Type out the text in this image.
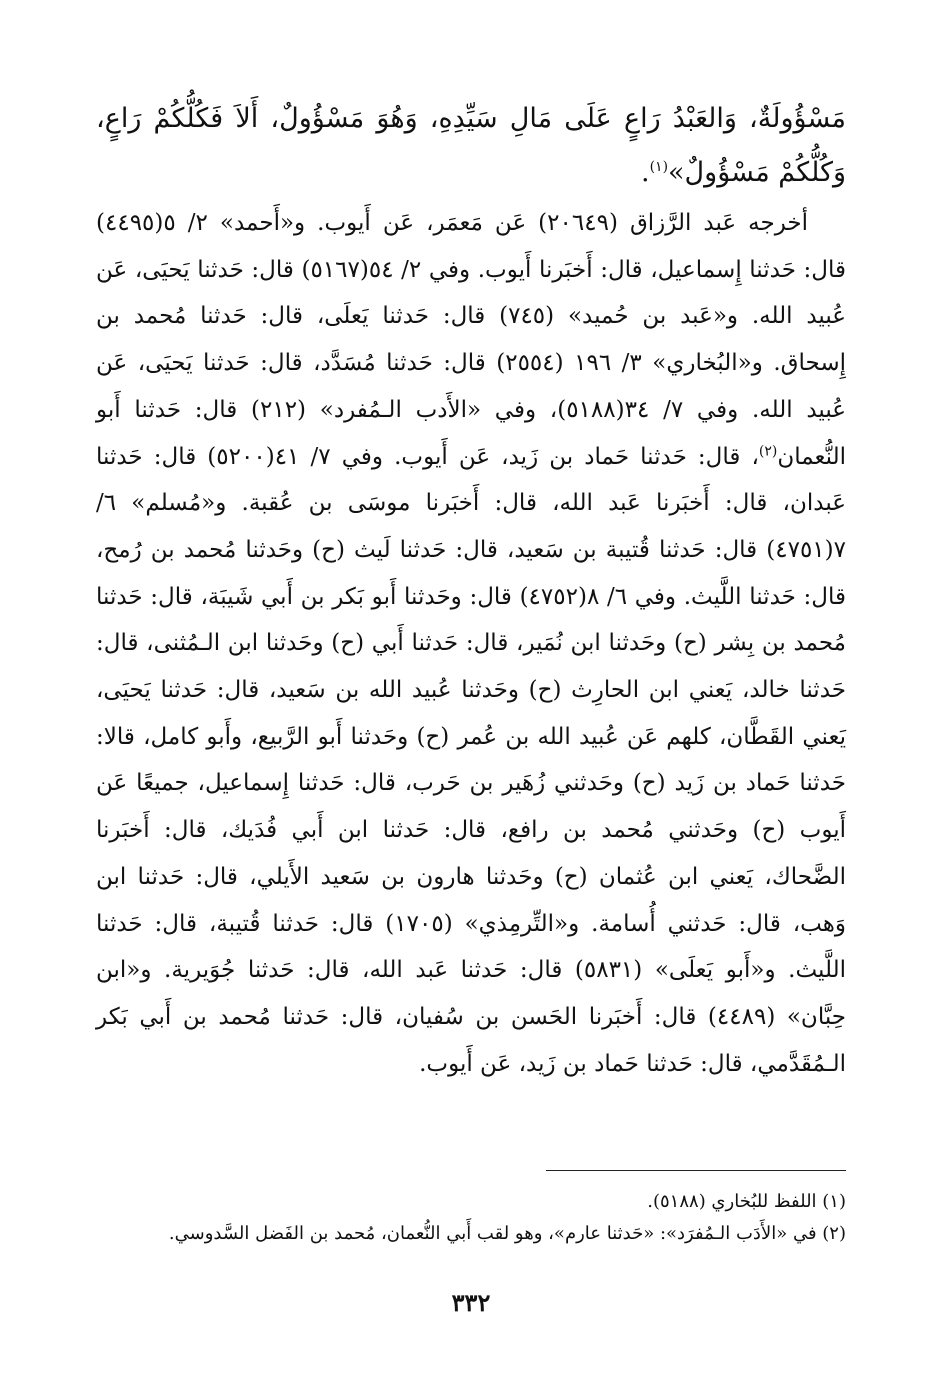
مَسْؤُولَةٌ، وَالعَبْدُ رَاعٍ عَلَى مَالِ سَيِّدِهِ، وَهُوَ مَسْؤُولٌ، أَلاَ فَكُلُّكُمْ رَاعٍ، وَكُلُّكُمْ مَسْؤُولٌ»$^{(١)}$.
أخرجه عَبد الرَّزاق (٢٠٦٤٩) عَن مَعمَر، عَن أَيوب. و«أَحمد» ٢/ ٥(٤٤٩٥) قال: حَدثنا إِسماعيل، قال: أَخبَرنا أَيوب. وفي ٢/ ٥٤(٥١٦٧) قال: حَدثنا يَحيَى، عَن عُبيد الله. و«عَبد بن حُميد» (٧٤٥) قال: حَدثنا يَعلَى، قال: حَدثنا مُحمد بن إِسحاق. و«البُخاري» ٣/ ١٩٦ (٢٥٥٤) قال: حَدثنا مُسَدَّد، قال: حَدثنا يَحيَى، عَن عُبيد الله. وفي ٧/ ٣٤(٥١٨٨)، وفي «الأَدب الـمُفرد» (٢١٢) قال: حَدثنا أَبو النُّعمان$^{(٢)}$، قال: حَدثنا حَماد بن زَيد، عَن أَيوب. وفي ٧/ ٤١(٥٢٠٠) قال: حَدثنا عَبدان، قال: أَخبَرنا عَبد الله، قال: أَخبَرنا موسَى بن عُقبة. و«مُسلم» ٦/ ٧(٤٧٥١) قال: حَدثنا قُتيبة بن سَعيد، قال: حَدثنا لَيث (ح) وحَدثنا مُحمد بن رُمح، قال: حَدثنا اللَّيث. وفي ٦/ ٨(٤٧٥٢) قال: وحَدثنا أَبو بَكر بن أَبي شَيبَة، قال: حَدثنا مُحمد بن بِشر (ح) وحَدثنا ابن نُمَير، قال: حَدثنا أَبي (ح) وحَدثنا ابن الـمُثنى، قال: حَدثنا خالد، يَعني ابن الحارِث (ح) وحَدثنا عُبيد الله بن سَعيد، قال: حَدثنا يَحيَى، يَعني القَطَّان، كلهم عَن عُبيد الله بن عُمر (ح) وحَدثنا أَبو الرَّبيع، وأَبو كامل، قالا: حَدثنا حَماد بن زَيد (ح) وحَدثني زُهَير بن حَرب، قال: حَدثنا إِسماعيل، جميعًا عَن أَيوب (ح) وحَدثني مُحمد بن رافع، قال: حَدثنا ابن أَبي فُدَيك، قال: أَخبَرنا الضَّحاك، يَعني ابن عُثمان (ح) وحَدثنا هارون بن سَعيد الأَيلي، قال: حَدثنا ابن وَهب، قال: حَدثني أُسامة. و«التِّرمِذي» (١٧٠٥) قال: حَدثنا قُتيبة، قال: حَدثنا اللَّيث. و«أَبو يَعلَى» (٥٨٣١) قال: حَدثنا عَبد الله، قال: حَدثنا جُوَيرية. و«ابن حِبَّان» (٤٤٨٩) قال: أَخبَرنا الحَسن بن سُفيان، قال: حَدثنا مُحمد بن أَبي بَكر الـمُقَدَّمي، قال: حَدثنا حَماد بن زَيد، عَن أَيوب.
(١) اللفظ للبُخاري (٥١٨٨).
(٢) في «الأَدَب الـمُفرَد»: «حَدثنا عارم»، وهو لقب أَبي النُّعمان، مُحمد بن الفَضل السَّدوسي.
٣٣٢
